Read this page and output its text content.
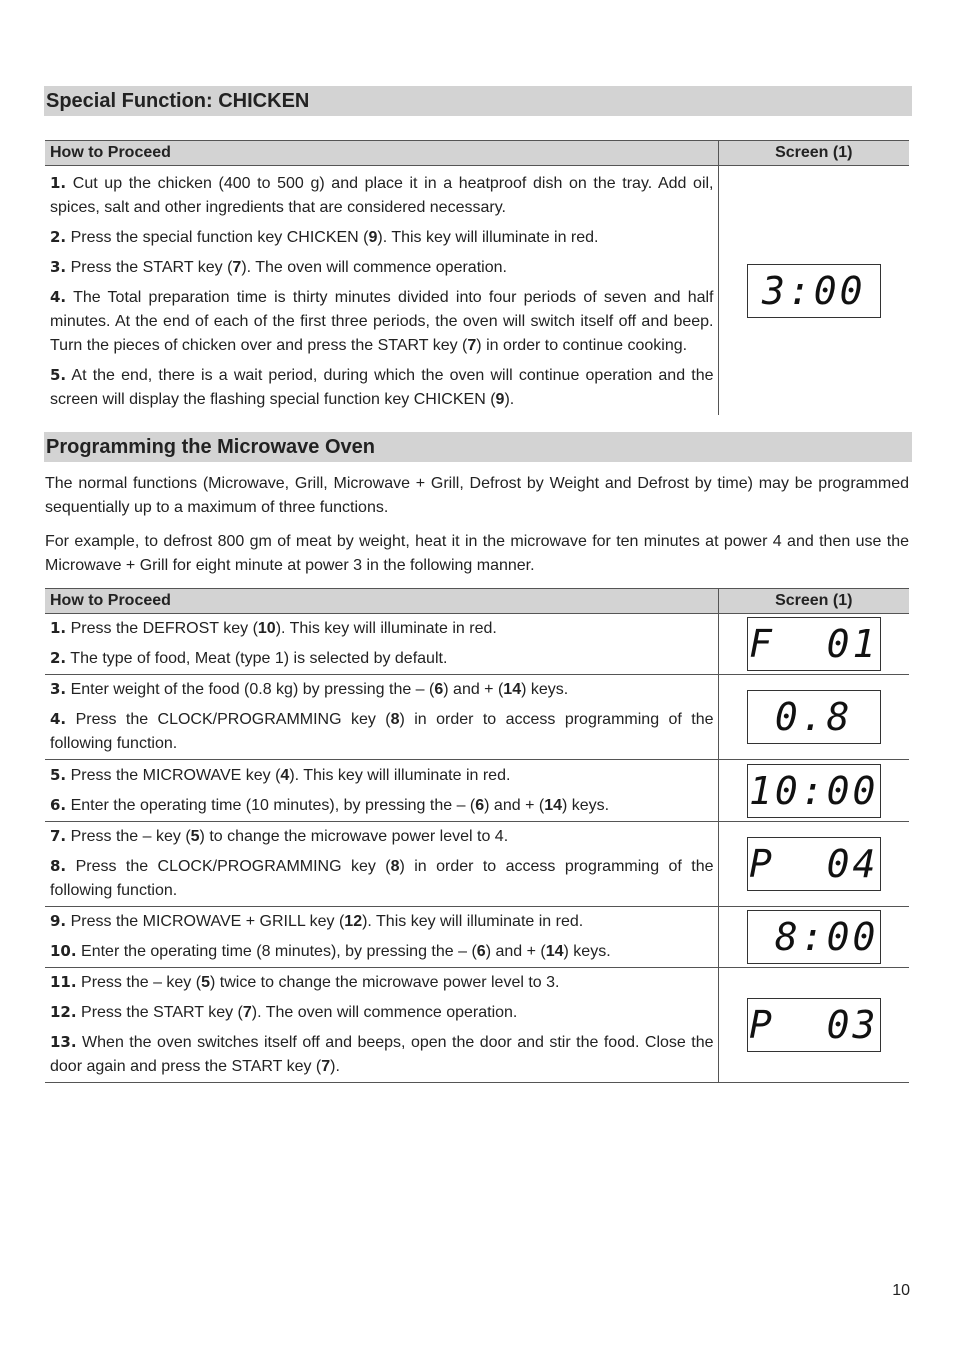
Special Function: CHICKEN
How to Proceed	Screen (1)

1. Cut up the chicken (400 to 500 g) and place it in a heatproof dish on the tray. Add oil, spices, salt and other ingredients that are considered necessary.

2. Press the special function key CHICKEN (9). This key will illuminate in red.

3. Press the START key (7). The oven will commence operation.

4. The Total preparation time is thirty minutes divided into four periods of seven and half minutes. At the end of each of the first three periods, the oven will switch itself off and beep. Turn the pieces of chicken over and press the START key (7) in order to continue cooking.

5. At the end, there is a wait period, during which the oven will continue operation and the screen will display the flashing special function key CHICKEN (9).	3:00
Programming the Microwave Oven

The normal functions (Microwave, Grill, Microwave + Grill, Defrost by Weight and Defrost by time) may be programmed sequentially up to a maximum of three functions.

For example, to defrost 800 gm of meat by weight, heat it in the microwave for ten minutes at power 4 and then use the Microwave + Grill for eight minute at power 3 in the following manner.

How to Proceed	Screen (1)

1. Press the DEFROST key (10). This key will illuminate in red.

2. The type of food, Meat (type 1) is selected by default.	F  01

3. Enter weight of the food (0.8 kg) by pressing the – (6) and + (14) keys.

4. Press the CLOCK/PROGRAMMING key (8) in order to access programming of the following function.	0.8

5. Press the MICROWAVE key (4). This key will illuminate in red.

6. Enter the operating time (10 minutes), by pressing the – (6) and + (14) keys.	10:00

7. Press the – key (5) to change the microwave power level to 4.

8. Press the CLOCK/PROGRAMMING key (8) in order to access programming of the following function.	P  04

9. Press the MICROWAVE + GRILL key (12). This key will illuminate in red.

10. Enter the operating time (8 minutes), by pressing the – (6) and + (14) keys.	8:00

11. Press the – key (5) twice to change the microwave power level to 3.

12. Press the START key (7). The oven will commence operation.

13. When the oven switches itself off and beeps, open the door and stir the food. Close the door again and press the START key (7).	P  03
10
